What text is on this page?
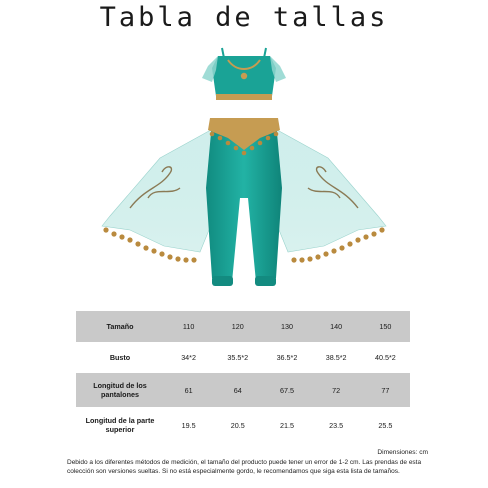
Tabla de tallas
Tamaño	110	120	130	140	150
Busto	34*2	35.5*2	36.5*2	38.5*2	40.5*2
Longitud de los pantalones	61	64	67.5	72	77
Longitud de la parte superior	19.5	20.5	21.5	23.5	25.5
Dimensiones: cm
Debido a los diferentes métodos de medición, el tamaño del producto puede tener un error de 1-2 cm. Las prendas de esta colección son versiones sueltas. Si no está especialmente gordo, le recomendamos que siga esta lista de tamaños.
